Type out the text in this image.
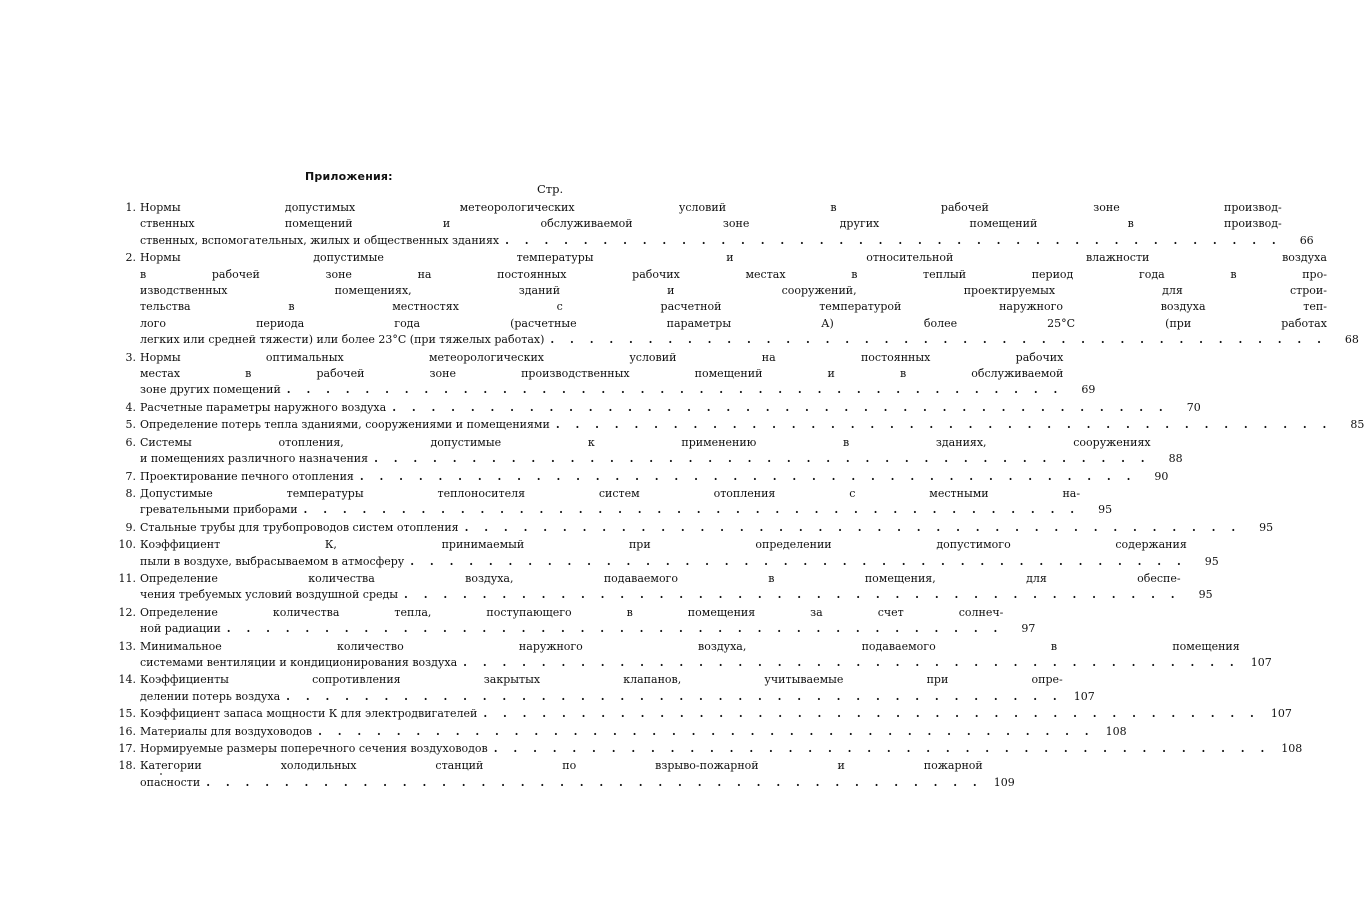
Приложения:
Стр.
1. Нормы допустимых метеорологических условий в рабочей зоне производ-
ственных помещений и обслуживаемой зоне других помещений в производ-
ственных, вспомогательных, жилых и общественных зданиях . . . . . . . . . . . . . . . . . . . . . . . . . . . . . . . . . . . . . . . .	66
2. Нормы допустимые температуры и относительной влажности воздуха
в рабочей зоне на постоянных рабочих местах в теплый период года в про-
изводственных помещениях, зданий и сооружений, проектируемых для строи-
тельства в местностях с расчетной температурой наружного воздуха теп-
лого периода года (расчетные параметры А) более 25°С (при работах
легких или средней тяжести) или более 23°С (при тяжелых работах) . . . . . . . . . . . . . . . . . . . . . . . . . . . . . . . . . . . . . . . .	68
3. Нормы оптимальных метеорологических условий на постоянных рабочих
местах в рабочей зоне производственных помещений и в обслуживаемой
зоне других помещений . . . . . . . . . . . . . . . . . . . . . . . . . . . . . . . . . . . . . . . .	69
4. Расчетные параметры наружного воздуха . . . . . . . . . . . . . . . . . . . . . . . . . . . . . . . . . . . . . . . .	70
5. Определение потерь тепла зданиями, сооружениями и помещениями . . . . . . . . . . . . . . . . . . . . . . . . . . . . . . . . . . . . . . . .	85
6. Системы отопления, допустимые к применению в зданиях, сооружениях
и помещениях различного назначения . . . . . . . . . . . . . . . . . . . . . . . . . . . . . . . . . . . . . . . .	88
7. Проектирование печного отопления . . . . . . . . . . . . . . . . . . . . . . . . . . . . . . . . . . . . . . . .	90
8. Допустимые температуры теплоносителя систем отопления с местными на-
гревательными приборами . . . . . . . . . . . . . . . . . . . . . . . . . . . . . . . . . . . . . . . .	95
9. Стальные трубы для трубопроводов систем отопления . . . . . . . . . . . . . . . . . . . . . . . . . . . . . . . . . . . . . . . .	95
10. Коэффициент К, принимаемый при определении допустимого содержания
пыли в воздухе, выбрасываемом в атмосферу . . . . . . . . . . . . . . . . . . . . . . . . . . . . . . . . . . . . . . . .	95
11. Определение количества воздуха, подаваемого в помещения, для обеспе-
чения требуемых условий воздушной среды . . . . . . . . . . . . . . . . . . . . . . . . . . . . . . . . . . . . . . . .	95
12. Определение количества тепла, поступающего в помещения за счет солнеч-
ной радиации . . . . . . . . . . . . . . . . . . . . . . . . . . . . . . . . . . . . . . . .	97
13. Минимальное количество наружного воздуха, подаваемого в помещения
системами вентиляции и кондиционирования воздуха . . . . . . . . . . . . . . . . . . . . . . . . . . . . . . . . . . . . . . . .	107
14. Коэффициенты сопротивления закрытых клапанов, учитываемые при опре-
делении потерь воздуха . . . . . . . . . . . . . . . . . . . . . . . . . . . . . . . . . . . . . . . .	107
15. Коэффициент запаса мощности К для электродвигателей . . . . . . . . . . . . . . . . . . . . . . . . . . . . . . . . . . . . . . . .	107
16. Материалы для воздуховодов . . . . . . . . . . . . . . . . . . . . . . . . . . . . . . . . . . . . . . . .	108
17. Нормируемые размеры поперечного сечения воздуховодов . . . . . . . . . . . . . . . . . . . . . . . . . . . . . . . . . . . . . . . .	108
18. Категории холодильных станций по взрыво-пожарной и пожарной
опасности . . . . . . . . . . . . . . . . . . . . . . . . . . . . . . . . . . . . . . . .	109
